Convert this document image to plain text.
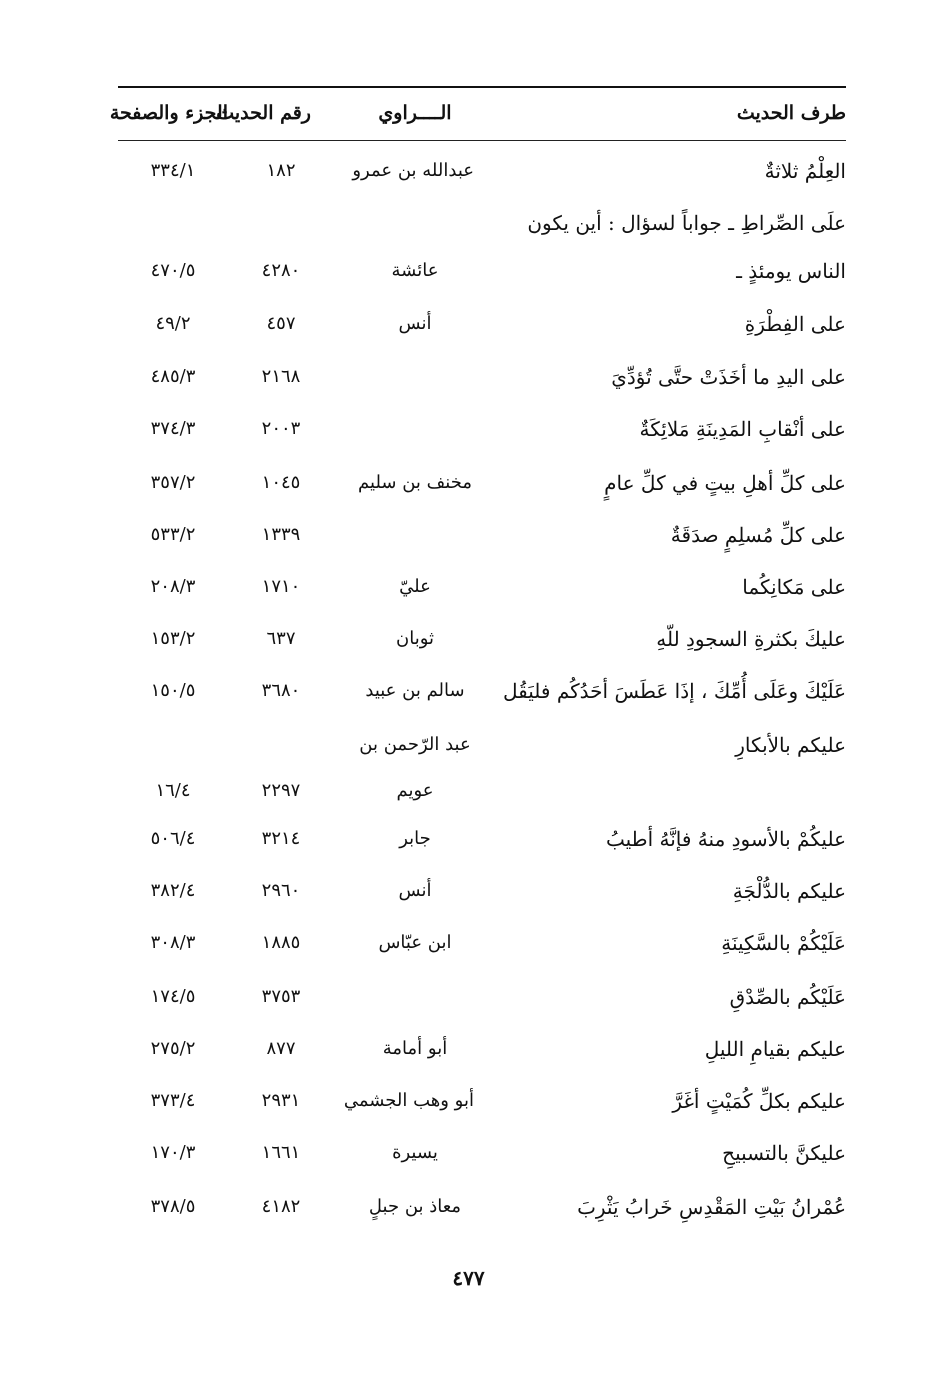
طرف الحديث
الــــراوي
رقم الحديث
الجزء والصفحة
العِلْمُ ثلاثةٌ
عبدالله بن عمرو
١٨٢
٣٣٤/١
علَى الصِّراطِ ـ جواباً لسؤال : أين يكون
الناس يومئذٍ ـ
عائشة
٤٢٨٠
٤٧٠/٥
على الفِطْرَةِ
أنس
٤٥٧
٤٩/٢
على اليدِ ما أخَذَتْ حتَّى تُؤدِّيَ
٢١٦٨
٤٨٥/٣
على أنْقابِ المَدِينَةِ مَلائِكَةٌ
٢٠٠٣
٣٧٤/٣
على كلِّ أهلِ بيتٍ في كلِّ عامٍ
مخنف بن سليم
١٠٤٥
٣٥٧/٢
على كلِّ مُسلِمٍ صدَقَةٌ
١٣٣٩
٥٣٣/٢
على مَكانِكُما
عليّ
١٧١٠
٢٠٨/٣
عليكَ بكثرةِ السجودِ للّهِ
ثوبان
٦٣٧
١٥٣/٢
عَلَيْكَ وعَلَى أُمِّكَ ، إذَا عَطَسَ أحَدُكُم فليَقُل
سالم بن عبيد
٣٦٨٠
١٥٠/٥
عليكم بالأبكارِ
عبد الرّحمن بن
عويم
٢٢٩٧
١٦/٤
عليكُمْ بالأسودِ منهُ فإنَّهُ أطيبُ
جابر
٣٢١٤
٥٠٦/٤
عليكم بالدُّلْجَةِ
أنس
٢٩٦٠
٣٨٢/٤
عَلَيْكُمْ بالسَّكِينَةِ
ابن عبّاس
١٨٨٥
٣٠٨/٣
عَلَيْكُم بالصِّدْقِ
٣٧٥٣
١٧٤/٥
عليكم بقيامِ الليلِ
أبو أمامة
٨٧٧
٢٧٥/٢
عليكم بكلِّ كُمَيْتٍ أغَرَّ
أبو وهب الجشمي
٢٩٣١
٣٧٣/٤
عليكنَّ بالتسبيحِ
يسيرة
١٦٦١
١٧٠/٣
عُمْرانُ بَيْتِ المَقْدِسِ خَرابُ يَثْرِبَ
معاذ بن جبلٍ
٤١٨٢
٣٧٨/٥
٤٧٧
